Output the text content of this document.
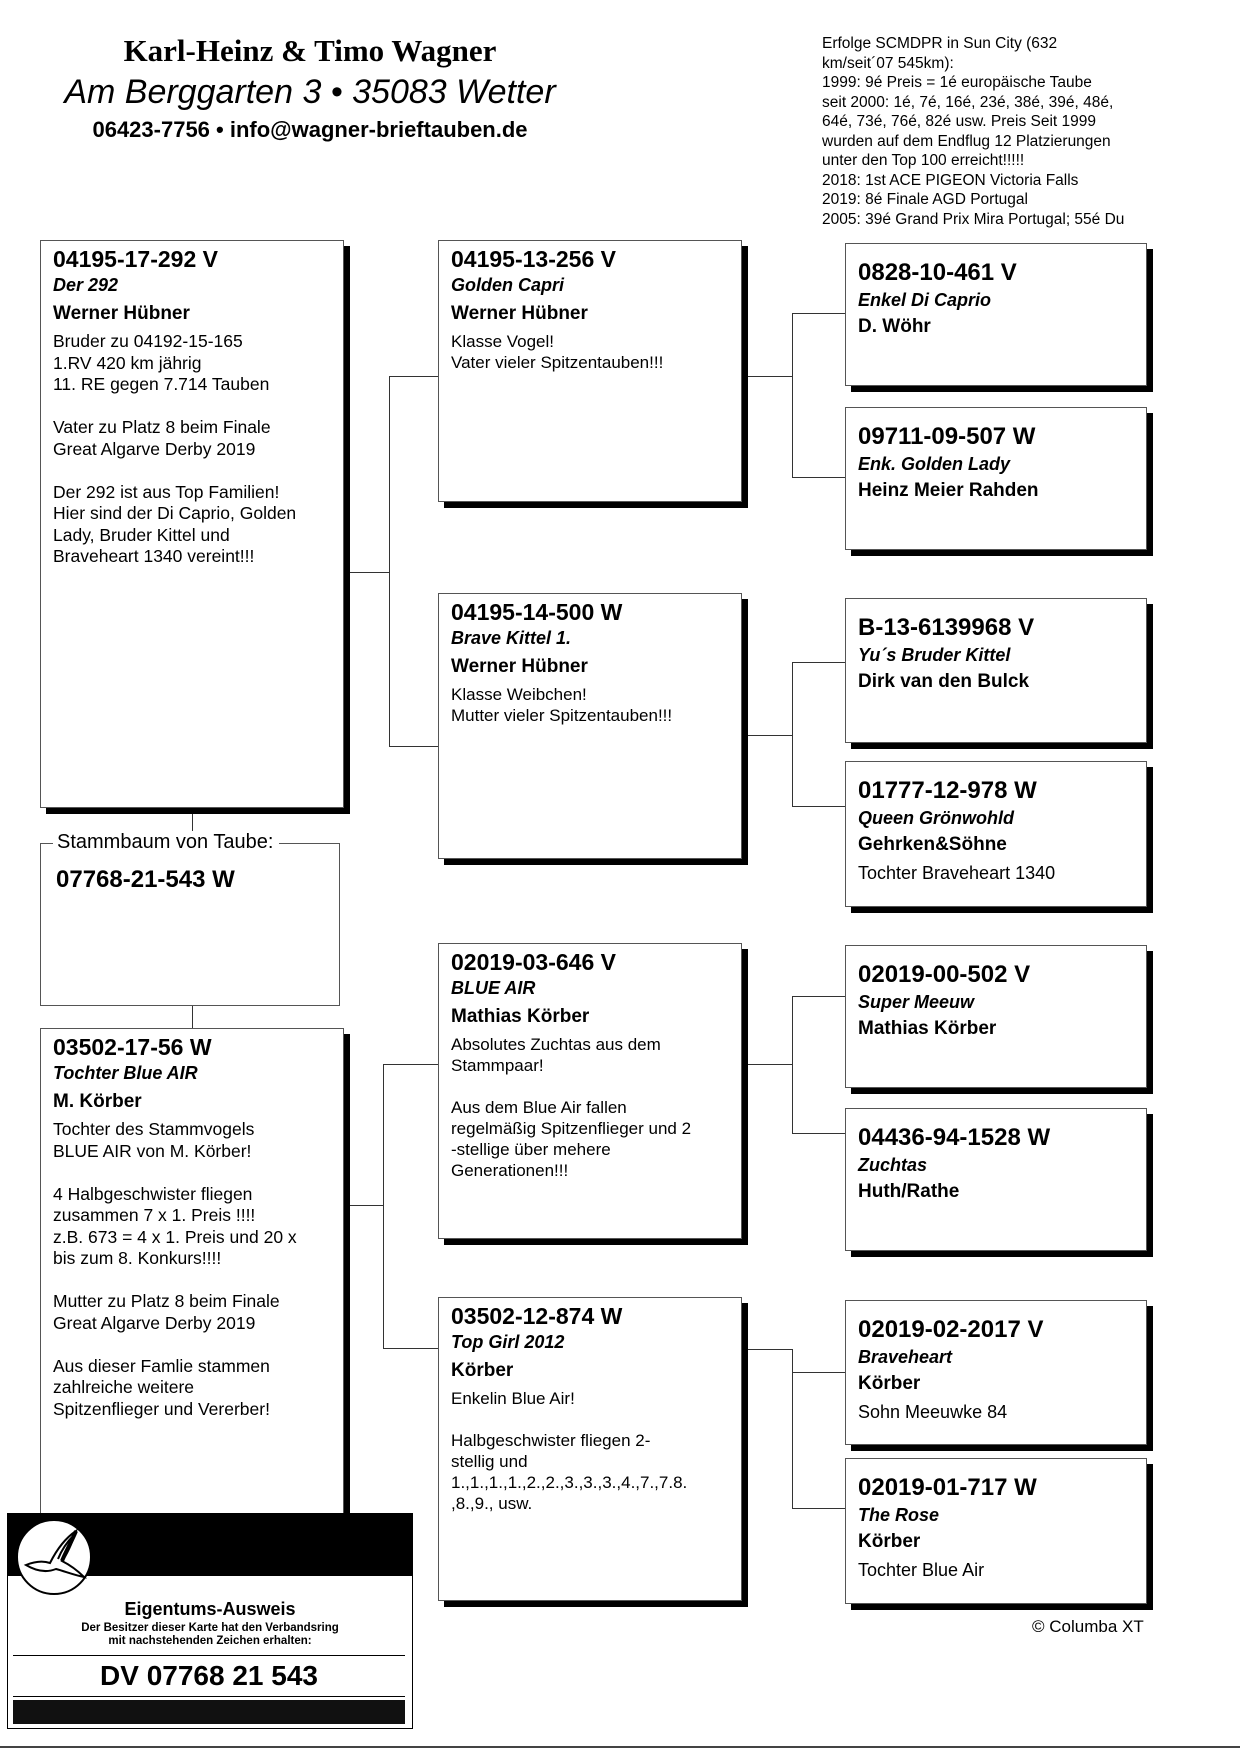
Karl-Heinz & Timo Wagner
Am Berggarten 3 • 35083 Wetter
06423-7756 • info@wagner-brieftauben.de
Erfolge SCMDPR in Sun City (632
km/seit´07 545km):
1999: 9é Preis = 1é europäische Taube
seit 2000: 1é, 7é, 16é, 23é, 38é, 39é, 48é,
64é, 73é, 76é, 82é usw. Preis Seit 1999
wurden auf dem Endflug 12 Platzierungen
unter den Top 100 erreicht!!!!!
2018: 1st ACE PIGEON Victoria Falls
2019: 8é Finale AGD Portugal
2005: 39é Grand Prix Mira Portugal; 55é Du
04195-17-292 V
Der 292
Werner Hübner
Bruder zu 04192-15-165
1.RV 420 km jährig
11. RE gegen 7.714 Tauben

Vater zu Platz 8 beim Finale
Great Algarve Derby 2019

Der 292 ist aus Top Familien!
Hier sind der Di Caprio, Golden
Lady, Bruder Kittel und
Braveheart 1340 vereint!!!
Stammbaum von Taube:
07768-21-543 W
03502-17-56 W
Tochter Blue AIR
M. Körber
Tochter des Stammvogels
BLUE AIR von M. Körber!

4 Halbgeschwister fliegen
zusammen 7 x 1. Preis !!!!
z.B. 673 = 4 x 1. Preis und 20 x
bis zum 8. Konkurs!!!!

Mutter zu Platz 8 beim Finale
Great Algarve Derby 2019

Aus dieser Famlie stammen
zahlreiche weitere
Spitzenflieger und Vererber!
04195-13-256 V
Golden Capri
Werner Hübner
Klasse Vogel!
Vater vieler Spitzentauben!!!
04195-14-500 W
Brave Kittel 1.
Werner Hübner
Klasse Weibchen!
Mutter vieler Spitzentauben!!!
02019-03-646 V
BLUE AIR
Mathias Körber
Absolutes Zuchtas aus dem
Stammpaar!

Aus dem Blue Air fallen
regelmäßig Spitzenflieger und 2
-stellige über mehere
Generationen!!!
03502-12-874 W
Top Girl 2012
Körber
Enkelin Blue Air!

Halbgeschwister fliegen 2-
stellig und
1.,1.,1.,1.,2.,2.,3.,3.,3.,4.,7.,7.8.
,8.,9., usw.
0828-10-461 V
Enkel Di Caprio
D. Wöhr
09711-09-507 W
Enk. Golden Lady
Heinz Meier Rahden
B-13-6139968 V
Yu´s Bruder Kittel
Dirk van den Bulck
01777-12-978 W
Queen Grönwohld
Gehrken&Söhne
Tochter Braveheart 1340
02019-00-502 V
Super Meeuw
Mathias Körber
04436-94-1528 W
Zuchtas
Huth/Rathe
02019-02-2017 V
Braveheart
Körber
Sohn Meeuwke 84
02019-01-717 W
The Rose
Körber
Tochter Blue Air
Eigentums-Ausweis
Der Besitzer dieser Karte hat den Verbandsring
mit nachstehenden Zeichen erhalten:
DV 07768 21 543
© Columba XT
